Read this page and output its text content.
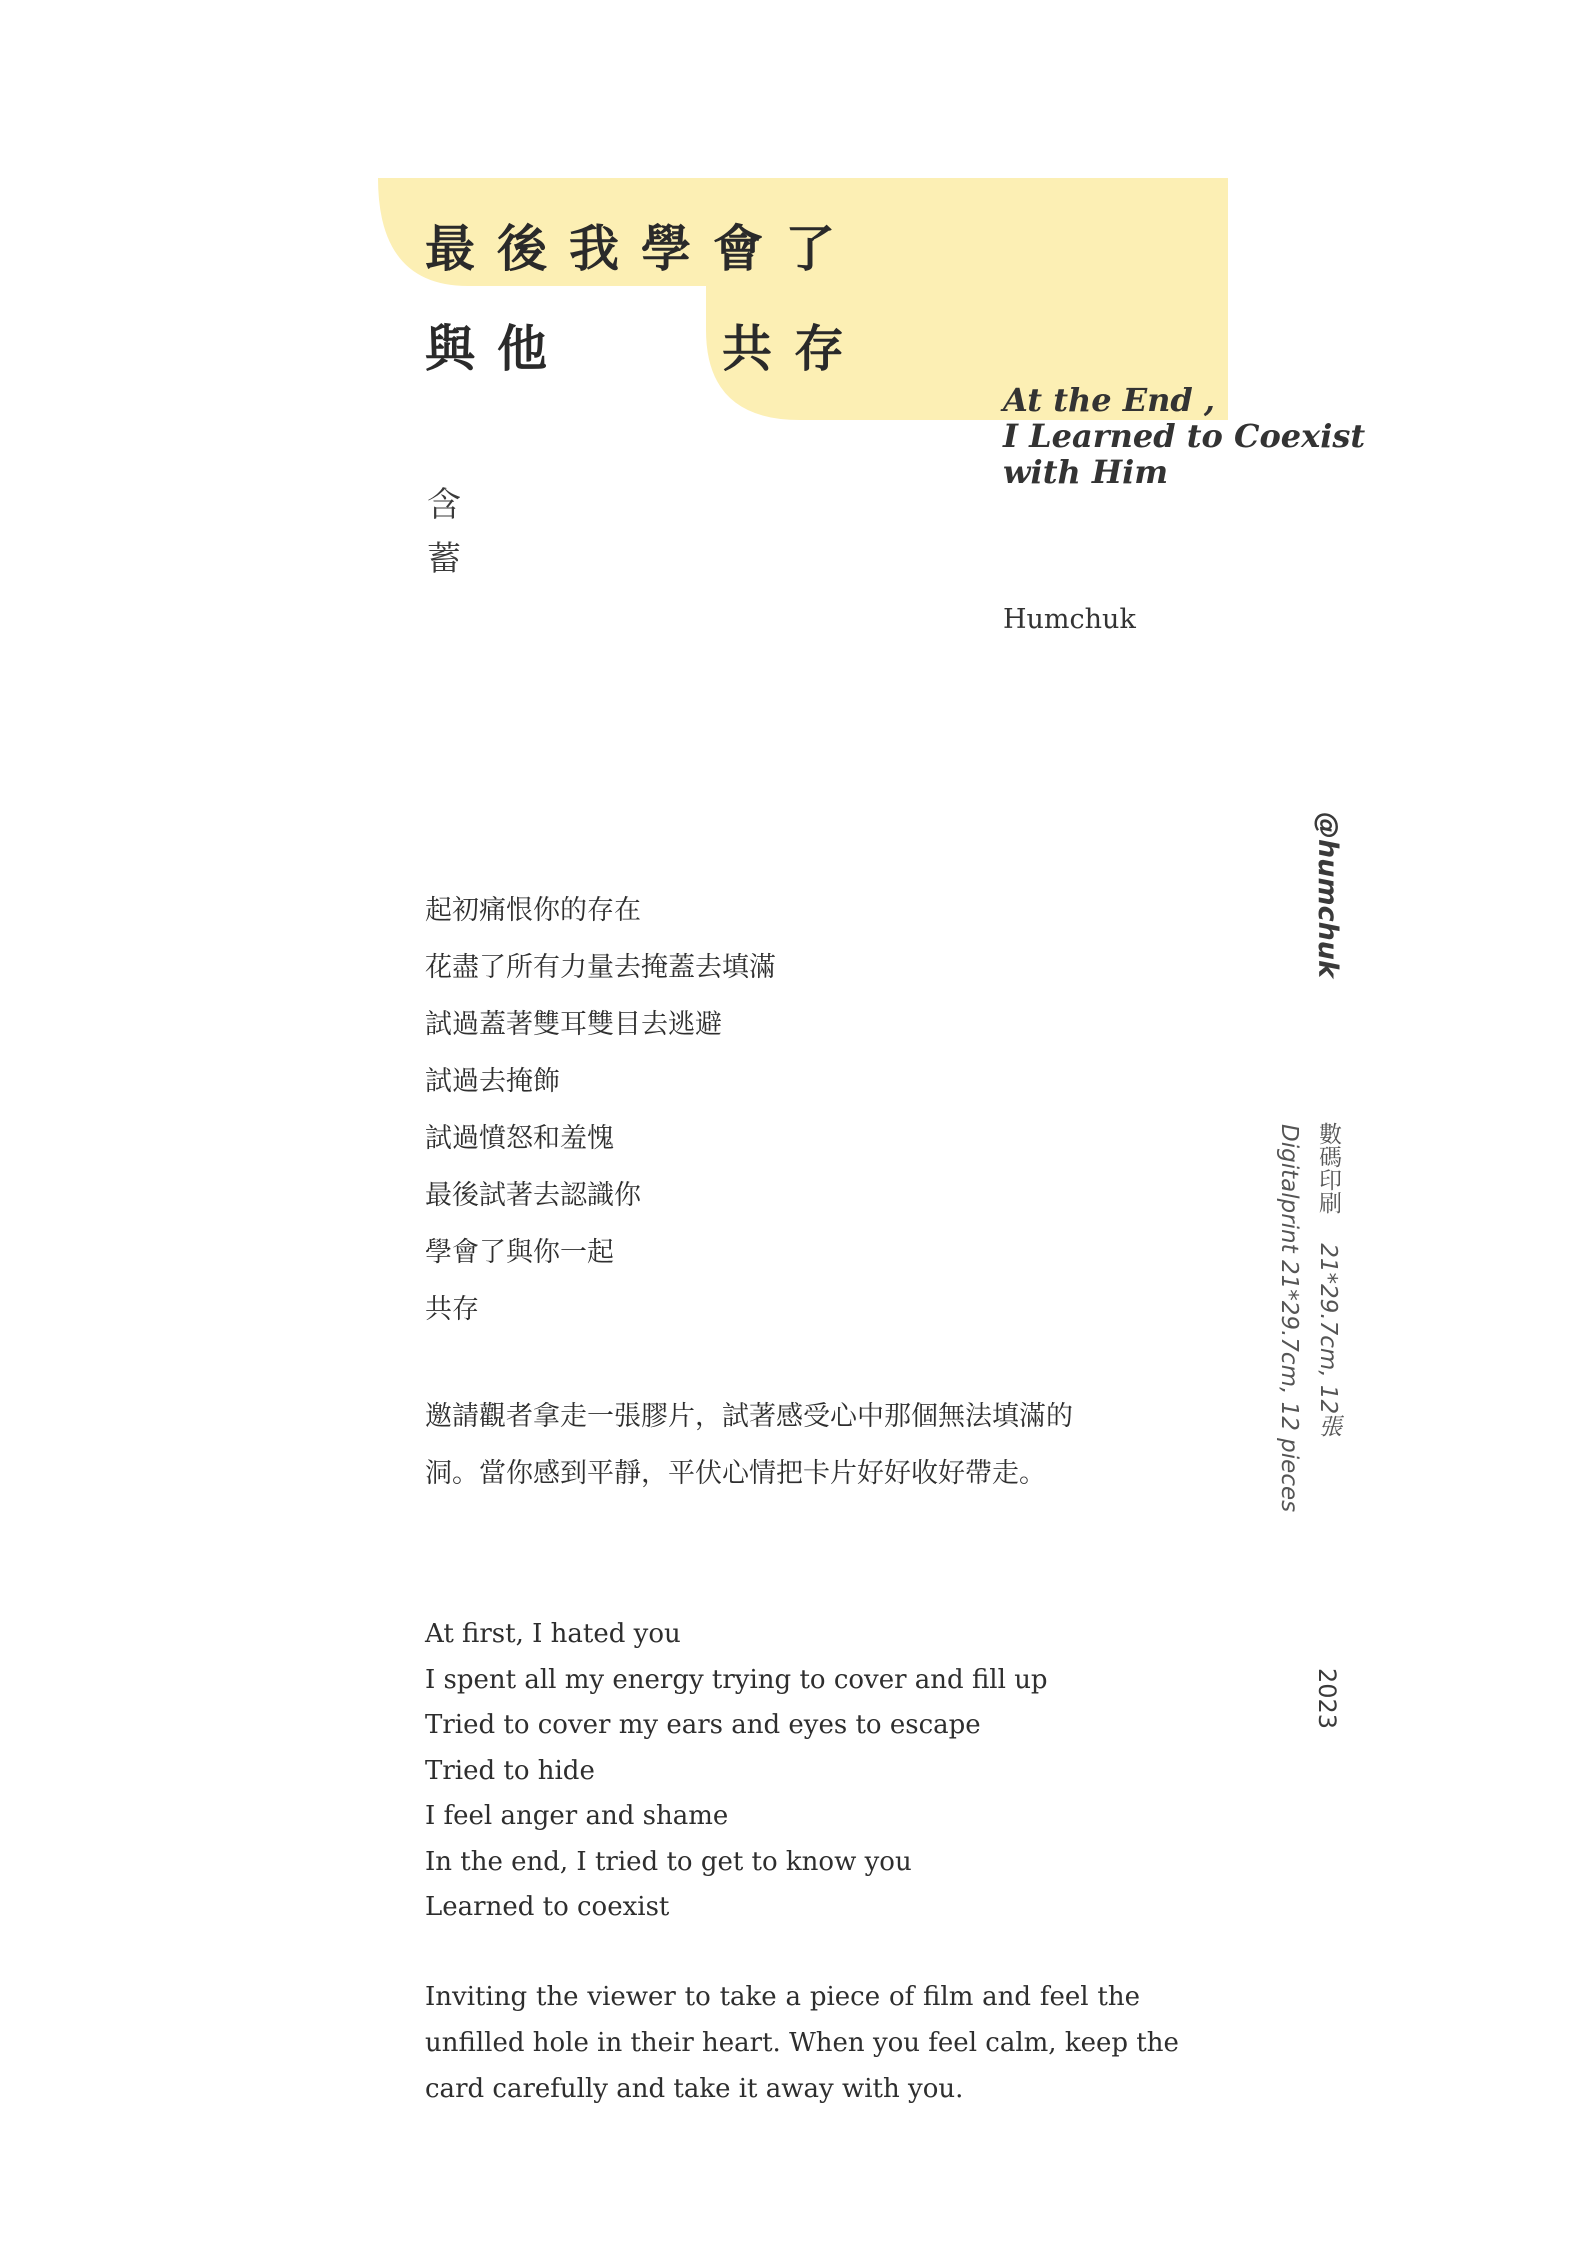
最後我學會了
與他	共存
At the End ,
I Learned to Coexist
with Him
含
蓄
Humchuk
起初痛恨你的存在
花盡了所有力量去掩蓋去填滿
試過蓋著雙耳雙目去逃避
試過去掩飾
試過憤怒和羞愧
最後試著去認識你
學會了與你一起
共存
邀請觀者拿走一張膠片，試著感受心中那個無法填滿的
洞。當你感到平靜，平伏心情把卡片好好收好帶走。
At first, I hated you
I spent all my energy trying to cover and fill up
Tried to cover my ears and eyes to escape
Tried to hide
I feel anger and shame
In the end, I tried to get to know you
Learned to coexist
Inviting the viewer to take a piece of film and feel the
unfilled hole in their heart. When you feel calm, keep the
card carefully and take it away with you.
@humchuk
數碼印刷    21*29.7cm, 12張
Digitalprint 21*29.7cm, 12 pieces
2023
